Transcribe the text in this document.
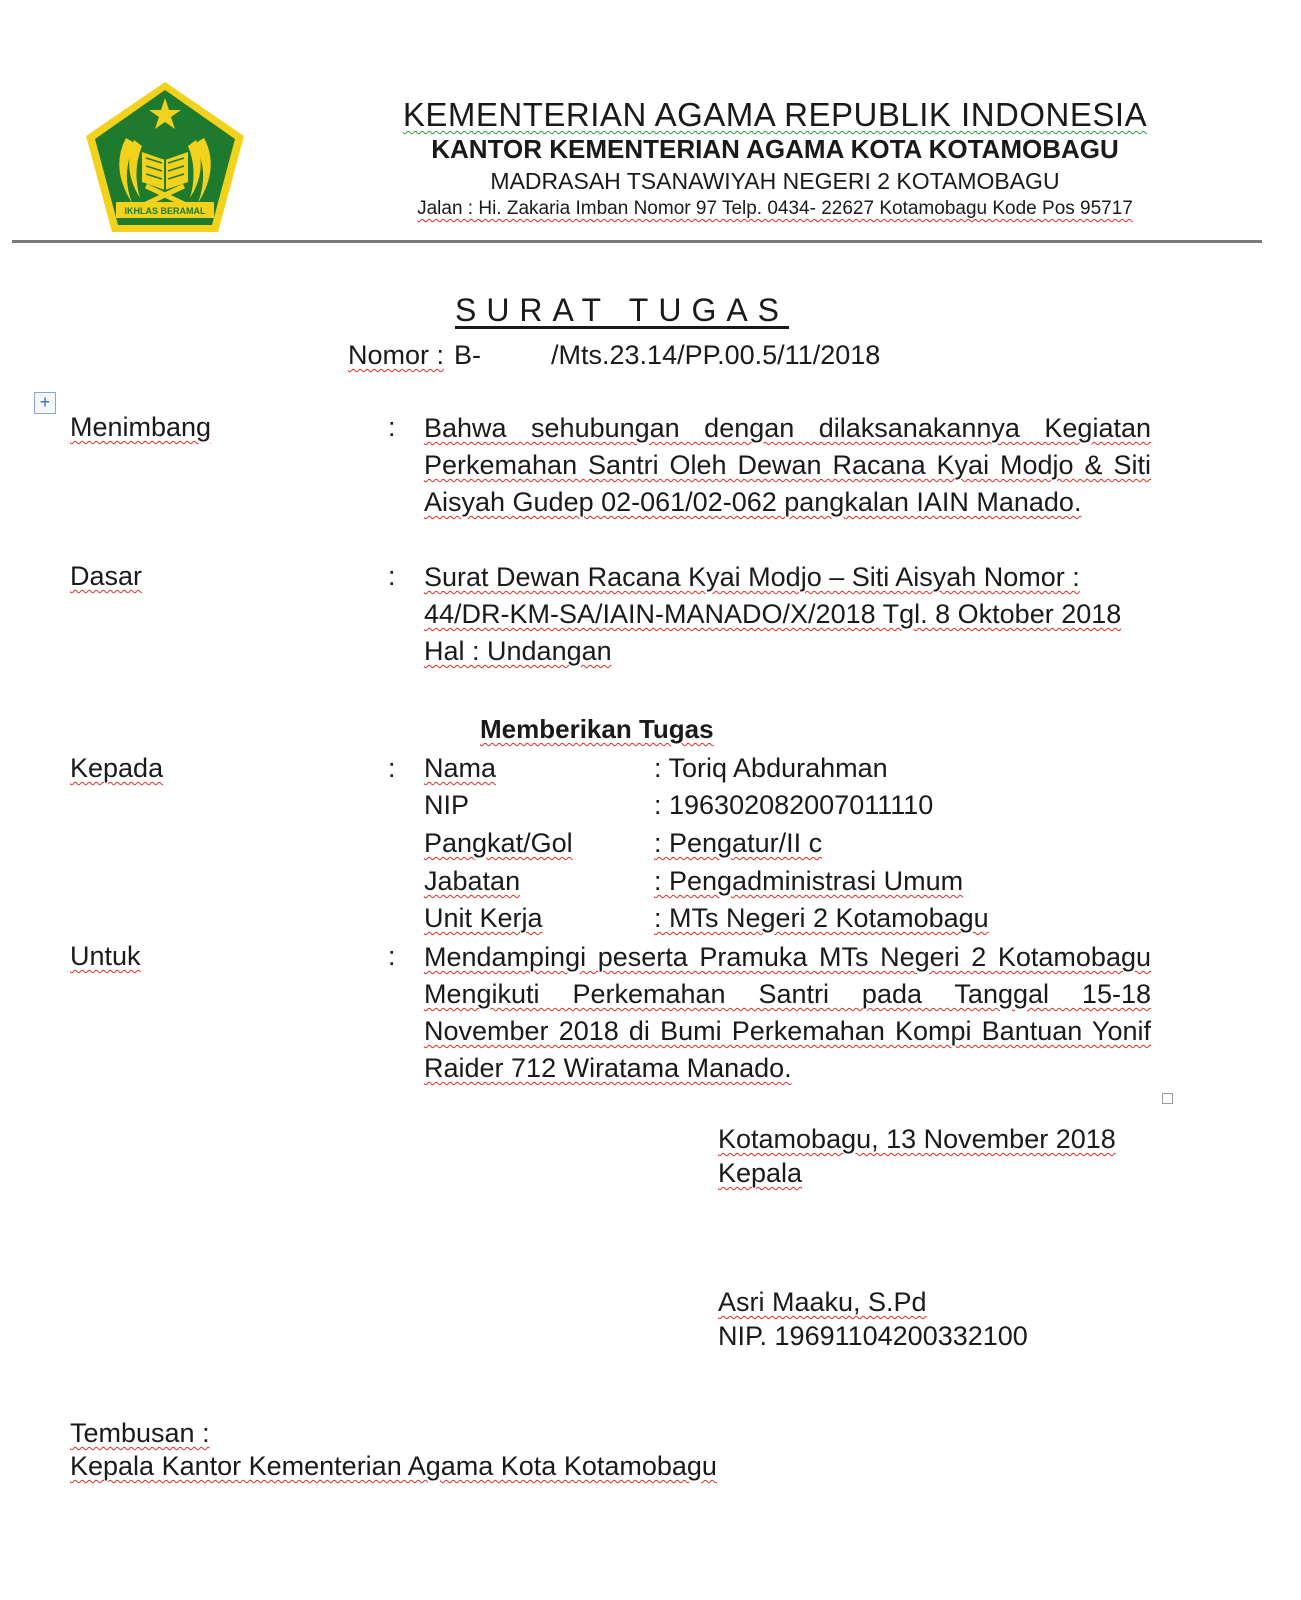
IKHLAS BERAMAL
KEMENTERIAN AGAMA REPUBLIK INDONESIA
KANTOR KEMENTERIAN AGAMA KOTA KOTAMOBAGU
MADRASAH TSANAWIYAH NEGERI 2 KOTAMOBAGU
Jalan : Hi. Zakaria Imban Nomor 97 Telp. 0434- 22627 Kotamobagu Kode Pos 95717
SURAT TUGAS
Nomor : B-	/Mts.23.14/PP.00.5/11/2018
+
Menimbang	: Bahwa sehubungan dengan dilaksanakannya Kegiatan Perkemahan Santri Oleh Dewan Racana Kyai Modjo & Siti Aisyah Gudep 02-061/02-062 pangkalan IAIN Manado.
Dasar	: Surat Dewan Racana Kyai Modjo – Siti Aisyah Nomor : 44/DR-KM-SA/IAIN-MANADO/X/2018 Tgl. 8 Oktober 2018 Hal : Undangan
Memberikan Tugas
Kepada	: Nama	: Toriq Abdurahman
NIP	: 196302082007011110
Pangkat/Gol	: Pengatur/II c
Jabatan	: Pengadministrasi Umum
Unit Kerja	: MTs Negeri 2 Kotamobagu
Untuk	: Mendampingi peserta Pramuka MTs Negeri 2 Kotamobagu Mengikuti Perkemahan Santri pada Tanggal 15-18 November 2018 di Bumi Perkemahan Kompi Bantuan Yonif Raider 712 Wiratama Manado.
Kotamobagu, 13 November 2018
Kepala
Asri Maaku, S.Pd
NIP. 19691104200332100
Tembusan :
Kepala Kantor Kementerian Agama Kota Kotamobagu
